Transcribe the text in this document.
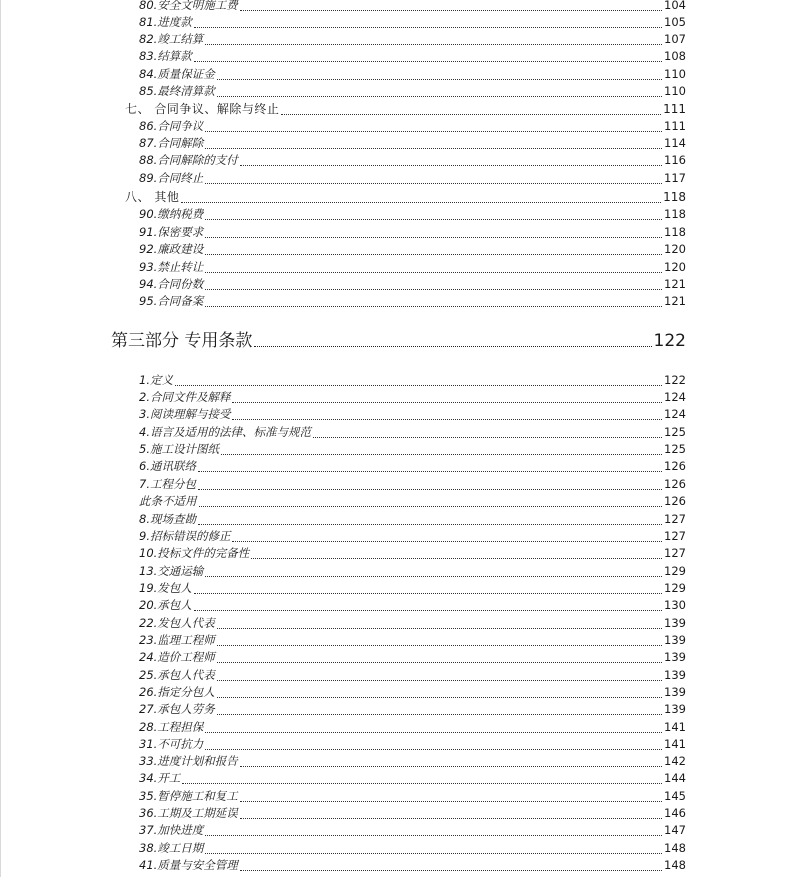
80.安全文明施工费	104
81.进度款	105
82.竣工结算	107
83.结算款	108
84.质量保证金	110
85.最终清算款	110
七、 合同争议、解除与终止	111
86.合同争议	111
87.合同解除	114
88.合同解除的支付	116
89.合同终止	117
八、 其他	118
90.缴纳税费	118
91.保密要求	118
92.廉政建设	120
93.禁止转让	120
94.合同份数	121
95.合同备案	121
第三部分 专用条款	122
1.定义	122
2.合同文件及解释	124
3.阅读理解与接受	124
4.语言及适用的法律、标准与规范	125
5.施工设计图纸	125
6.通讯联络	126
7.工程分包	126
此条不适用	126
8.现场查勘	127
9.招标错误的修正	127
10.投标文件的完备性	127
13.交通运输	129
19.发包人	129
20.承包人	130
22.发包人代表	139
23.监理工程师	139
24.造价工程师	139
25.承包人代表	139
26.指定分包人	139
27.承包人劳务	139
28.工程担保	141
31.不可抗力	141
33.进度计划和报告	142
34.开工	144
35.暂停施工和复工	145
36.工期及工期延误	146
37.加快进度	147
38.竣工日期	148
41.质量与安全管理	148
